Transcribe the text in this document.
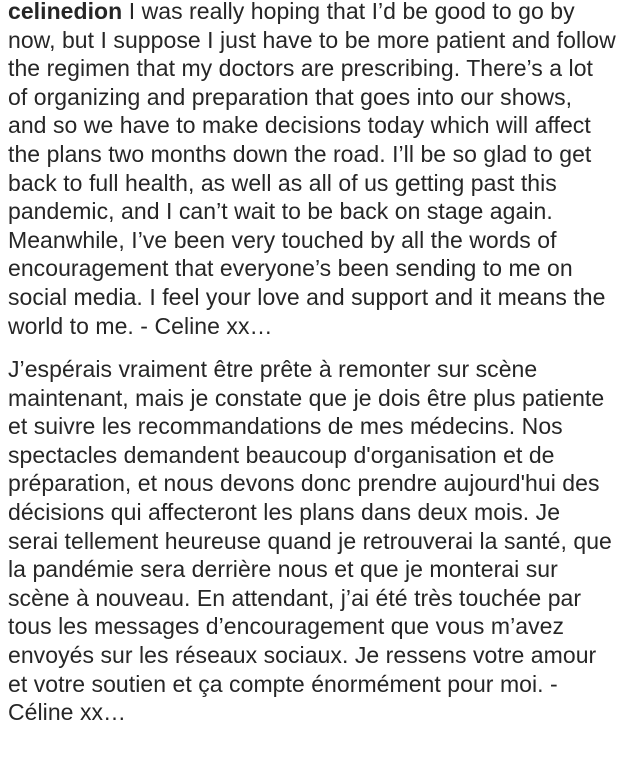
celinedion I was really hoping that I’d be good to go by now, but I suppose I just have to be more patient and follow the regimen that my doctors are prescribing. There’s a lot of organizing and preparation that goes into our shows, and so we have to make decisions today which will affect the plans two months down the road. I’ll be so glad to get back to full health, as well as all of us getting past this pandemic, and I can’t wait to be back on stage again. Meanwhile, I’ve been very touched by all the words of encouragement that everyone’s been sending to me on social media. I feel your love and support and it means the world to me. - Celine xx…

J’espérais vraiment être prête à remonter sur scène maintenant, mais je constate que je dois être plus patiente et suivre les recommandations de mes médecins. Nos spectacles demandent beaucoup d'organisation et de préparation, et nous devons donc prendre aujourd'hui des décisions qui affecteront les plans dans deux mois. Je serai tellement heureuse quand je retrouverai la santé, que la pandémie sera derrière nous et que je monterai sur scène à nouveau. En attendant, j’ai été très touchée par tous les messages d’encouragement que vous m’avez envoyés sur les réseaux sociaux. Je ressens votre amour et votre soutien et ça compte énormément pour moi. - Céline xx…
